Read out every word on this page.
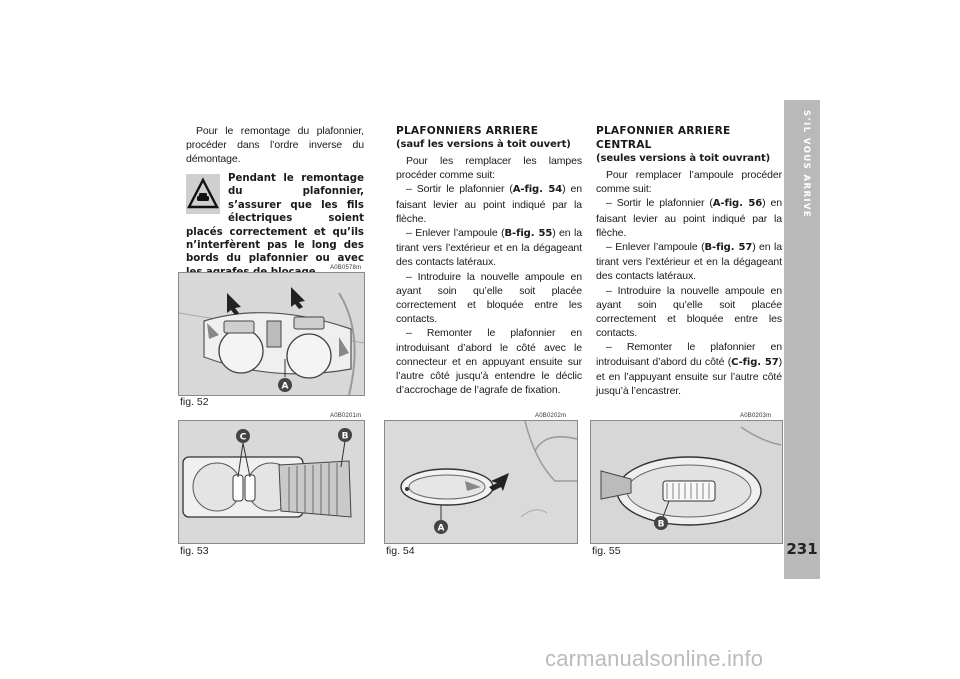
Pour le remontage du plafonnier, procéder dans l’ordre inverse du démontage.

Pendant le remontage du plafonnier, s’assurer que les fils électriques soient placés correctement et qu’ils n’interfèrent pas le long des bords du plafonnier ou avec
PLAFONNIERS ARRIERE
(sauf les versions à toit ouvert)

Pour les remplacer les lampes procéder comme suit:

– Sortir le plafonnier (A-fig. 54) en faisant levier au point indiqué par la flèche.

– Enlever l’ampoule (B-fig. 55) en la tirant vers l’extérieur et en la dégageant des contacts latéraux.

– Introduire la nouvelle ampoule en ayant soin qu’elle soit placée correctement et bloquée entre les contacts.

– Remonter le plafonnier en introduisant d’abord le côté avec le connecteur et en appuyant ensuite sur l’autre côté jusqu’à entendre le déclic d’accrochage de l’agrafe de fixation.

PLAFONNIER ARRIERE CENTRAL
(seules versions à toit ouvrant)

Pour remplacer l’ampoule procéder comme suit:

– Sortir le plafonnier (A-fig. 56) en faisant levier au point indiqué par la flèche.

– Enlever l’ampoule (B-fig. 57) en la tirant vers l’extérieur et en la dégageant des contacts latéraux.

– Introduire la nouvelle ampoule en ayant soin qu’elle soit placée correctement et bloquée entre les contacts.

– Remonter le plafonnier en introduisant d’abord du côté (C-fig. 57) et en l’appuyant ensuite sur l’autre côté jusqu’à l’encastrer.

A0B0578m
A
fig. 52
A0B0201m
C	B
fig. 53
A0B0202m
A
fig. 54
A0B0203m
B
fig. 55
S’IL VOUS ARRIVE
231
carmanualsonline.info
